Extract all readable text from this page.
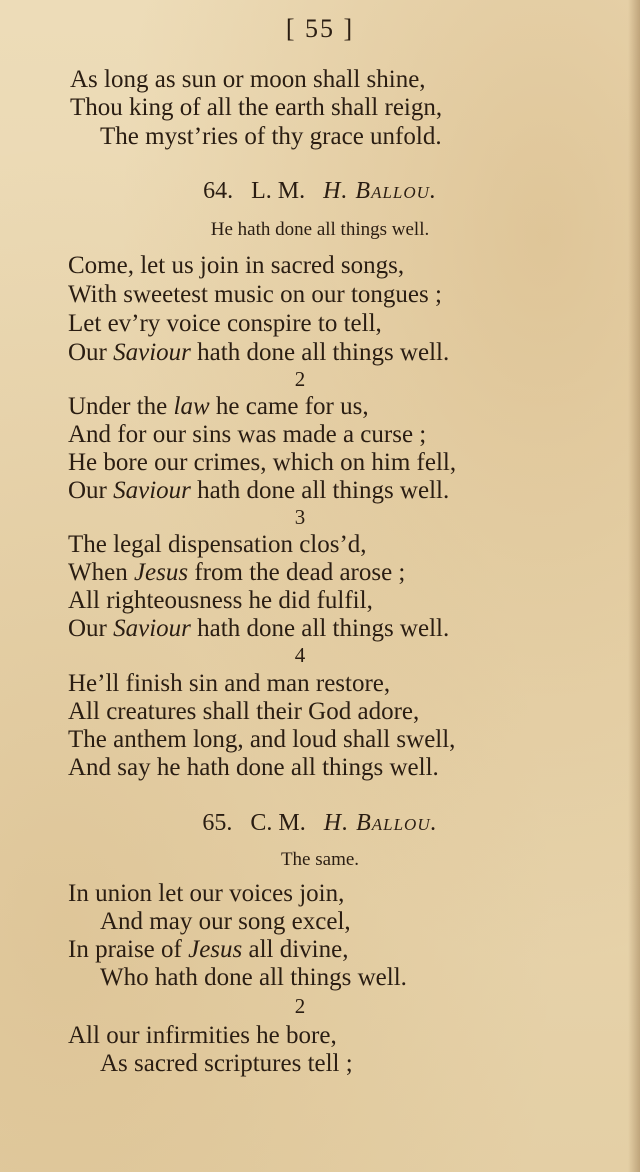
[ 55 ]
As long as sun or moon shall shine,
Thou king of all the earth shall reign,
The myst’ries of thy grace unfold.
64. L. M. H. Ballou.
He hath done all things well.
Come, let us join in sacred songs,
With sweetest music on our tongues ;
Let ev’ry voice conspire to tell,
Our Saviour hath done all things well.
2
Under the law he came for us,
And for our sins was made a curse ;
He bore our crimes, which on him fell,
Our Saviour hath done all things well.
3
The legal dispensation clos’d,
When Jesus from the dead arose ;
All righteousness he did fulfil,
Our Saviour hath done all things well.
4
He’ll finish sin and man restore,
All creatures shall their God adore,
The anthem long, and loud shall swell,
And say he hath done all things well.
65. C. M. H. Ballou.
The same.
In union let our voices join,
And may our song excel,
In praise of Jesus all divine,
Who hath done all things well.
2
All our infirmities he bore,
As sacred scriptures tell ;
